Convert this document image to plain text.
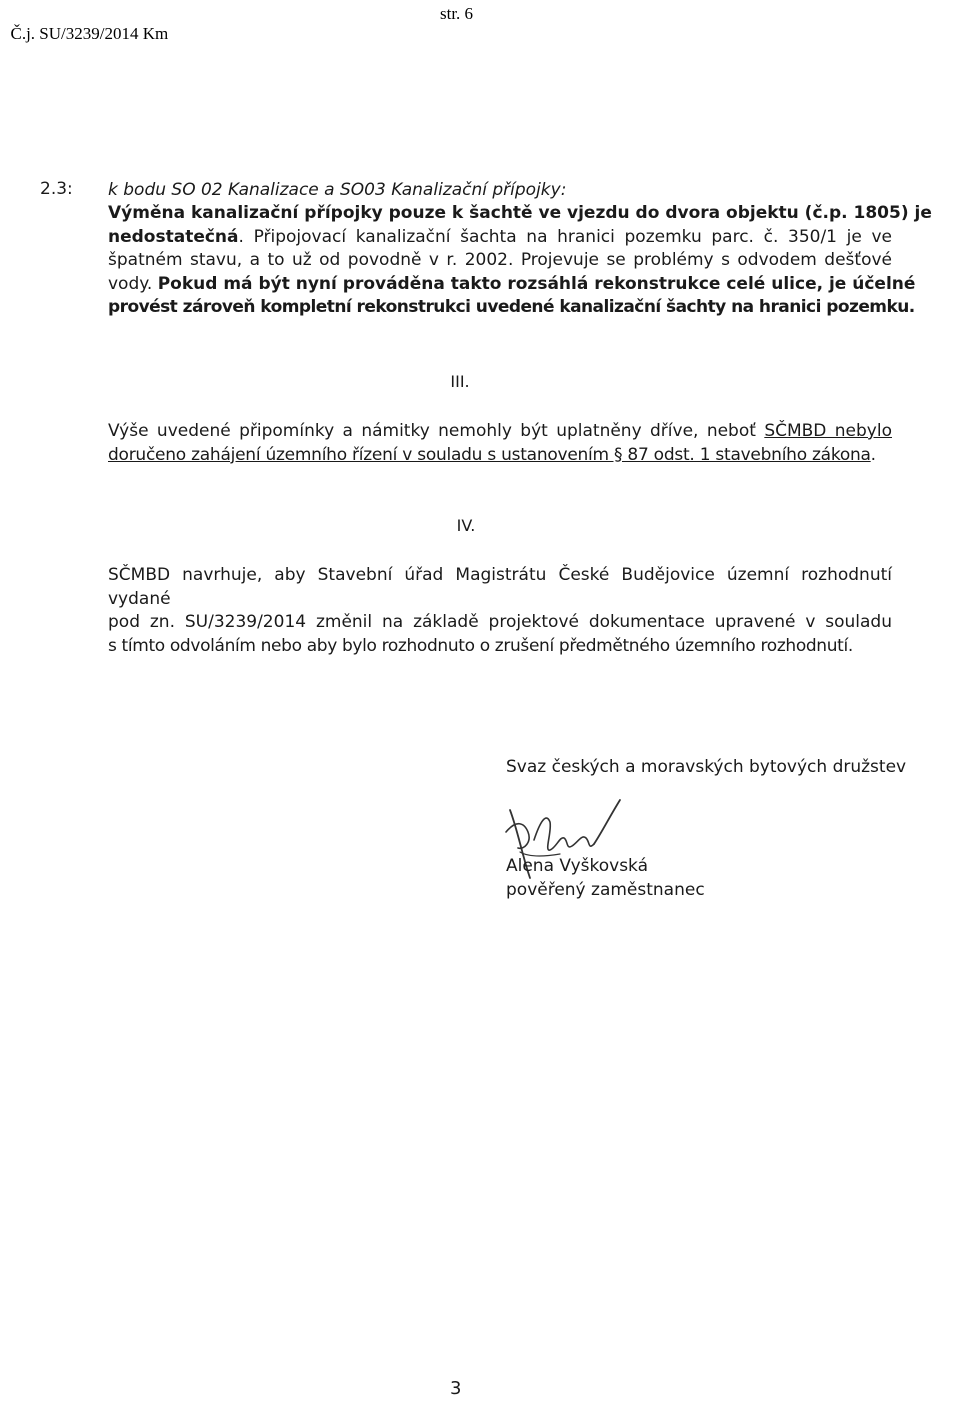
Č.j. SU/3239/2014 Km

str. 6

2.3: k bodu SO 02 Kanalizace a SO03 Kanalizační přípojky:
Výměna kanalizační přípojky pouze k šachtě ve vjezdu do dvora objektu (č.p. 1805) je
nedostatečná. Připojovací kanalizační šachta na hranici pozemku parc. č. 350/1 je ve
špatném stavu, a to už od povodně v r. 2002. Projevuje se problémy s odvodem dešťové
vody. Pokud má být nyní prováděna takto rozsáhlá rekonstrukce celé ulice, je účelné
provést zároveň kompletní rekonstrukci uvedené kanalizační šachty na hranici pozemku.
III.
Výše uvedené připomínky a námitky nemohly být uplatněny dříve, neboť SČMBD nebylo
doručeno zahájení územního řízení v souladu s ustanovením § 87 odst. 1 stavebního zákona.
IV.
SČMBD navrhuje, aby Stavební úřad Magistrátu České Budějovice územní rozhodnutí vydané
pod zn. SU/3239/2014 změnil na základě projektové dokumentace upravené v souladu
s tímto odvoláním nebo aby bylo rozhodnuto o zrušení předmětného územního rozhodnutí.
Svaz českých a moravských bytových družstev
Alena Vyškovská
pověřený zaměstnanec
3
